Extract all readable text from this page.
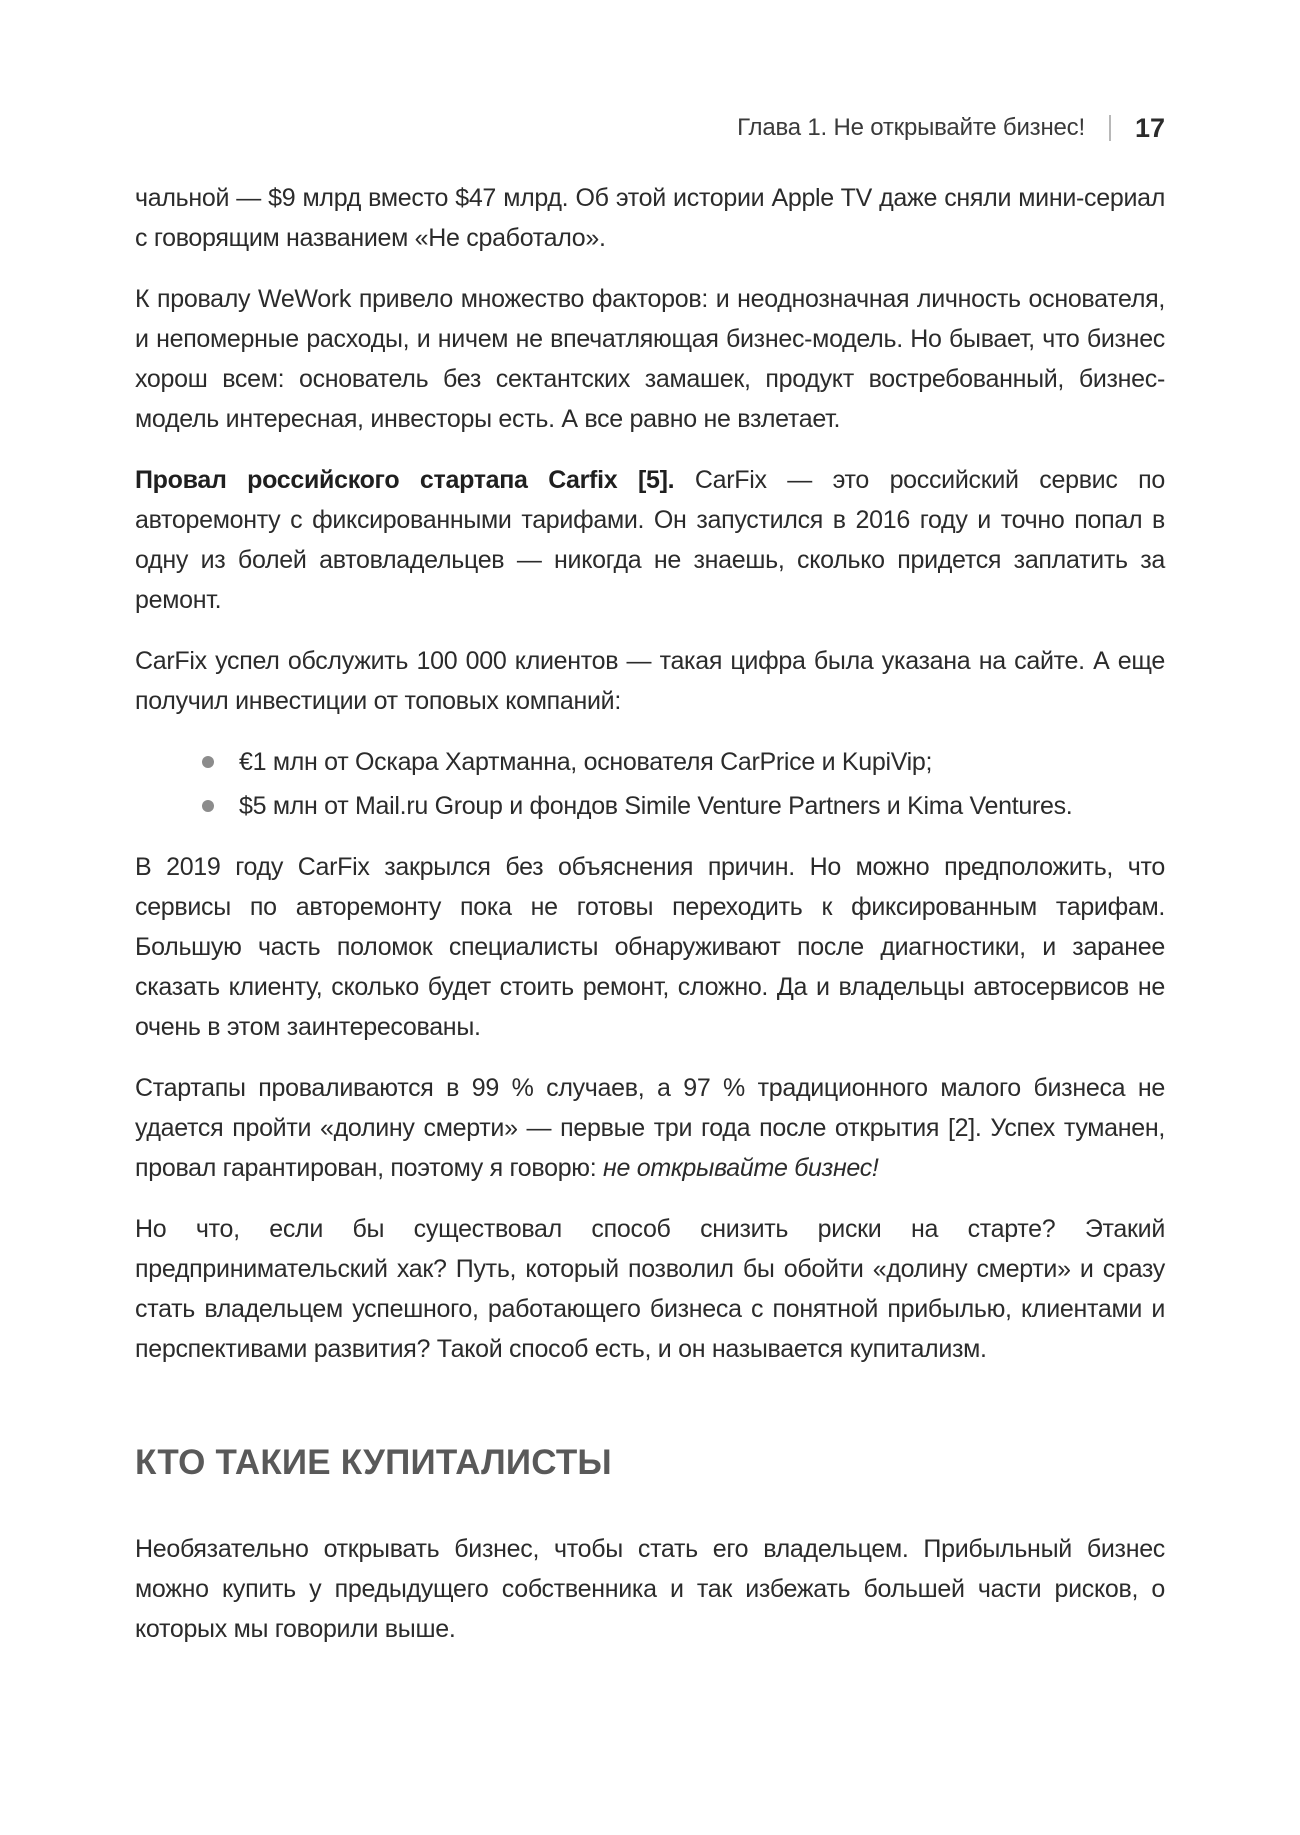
Глава 1. Не открывайте бизнес! 17

чальной — $9 млрд вместо $47 млрд. Об этой истории Apple TV даже сняли мини-сериал с говорящим названием «Не сработало».

К провалу WeWork привело множество факторов: и неоднозначная личность основателя, и непомерные расходы, и ничем не впечатляющая бизнес-модель. Но бывает, что бизнес хорош всем: основатель без сектантских замашек, продукт востребованный, бизнес-модель интересная, инвесторы есть. А все равно не взлетает.

Провал российского стартапа Carfix [5]. CarFix — это российский сервис по авторемонту с фиксированными тарифами. Он запустился в 2016 году и точно попал в одну из болей автовладельцев — никогда не знаешь, сколько придется заплатить за ремонт.

CarFix успел обслужить 100 000 клиентов — такая цифра была указана на сайте. А еще получил инвестиции от топовых компаний:

€1 млн от Оскара Хартманна, основателя CarPrice и KupiVip;
$5 млн от Mail.ru Group и фондов Simile Venture Partners и Kima Ventures.

В 2019 году CarFix закрылся без объяснения причин. Но можно предположить, что сервисы по авторемонту пока не готовы переходить к фиксированным тарифам. Большую часть поломок специалисты обнаруживают после диагностики, и заранее сказать клиенту, сколько будет стоить ремонт, сложно. Да и владельцы автосервисов не очень в этом заинтересованы.

Стартапы проваливаются в 99 % случаев, а 97 % традиционного малого бизнеса не удается пройти «долину смерти» — первые три года после открытия [2]. Успех туманен, провал гарантирован, поэтому я говорю: не открывайте бизнес!

Но что, если бы существовал способ снизить риски на старте? Этакий предпринимательский хак? Путь, который позволил бы обойти «долину смерти» и сразу стать владельцем успешного, работающего бизнеса с понятной прибылью, клиентами и перспективами развития? Такой способ есть, и он называется купитализм.

КТО ТАКИЕ КУПИТАЛИСТЫ

Необязательно открывать бизнес, чтобы стать его владельцем. Прибыльный бизнес можно купить у предыдущего собственника и так избежать большей части рисков, о которых мы говорили выше.
